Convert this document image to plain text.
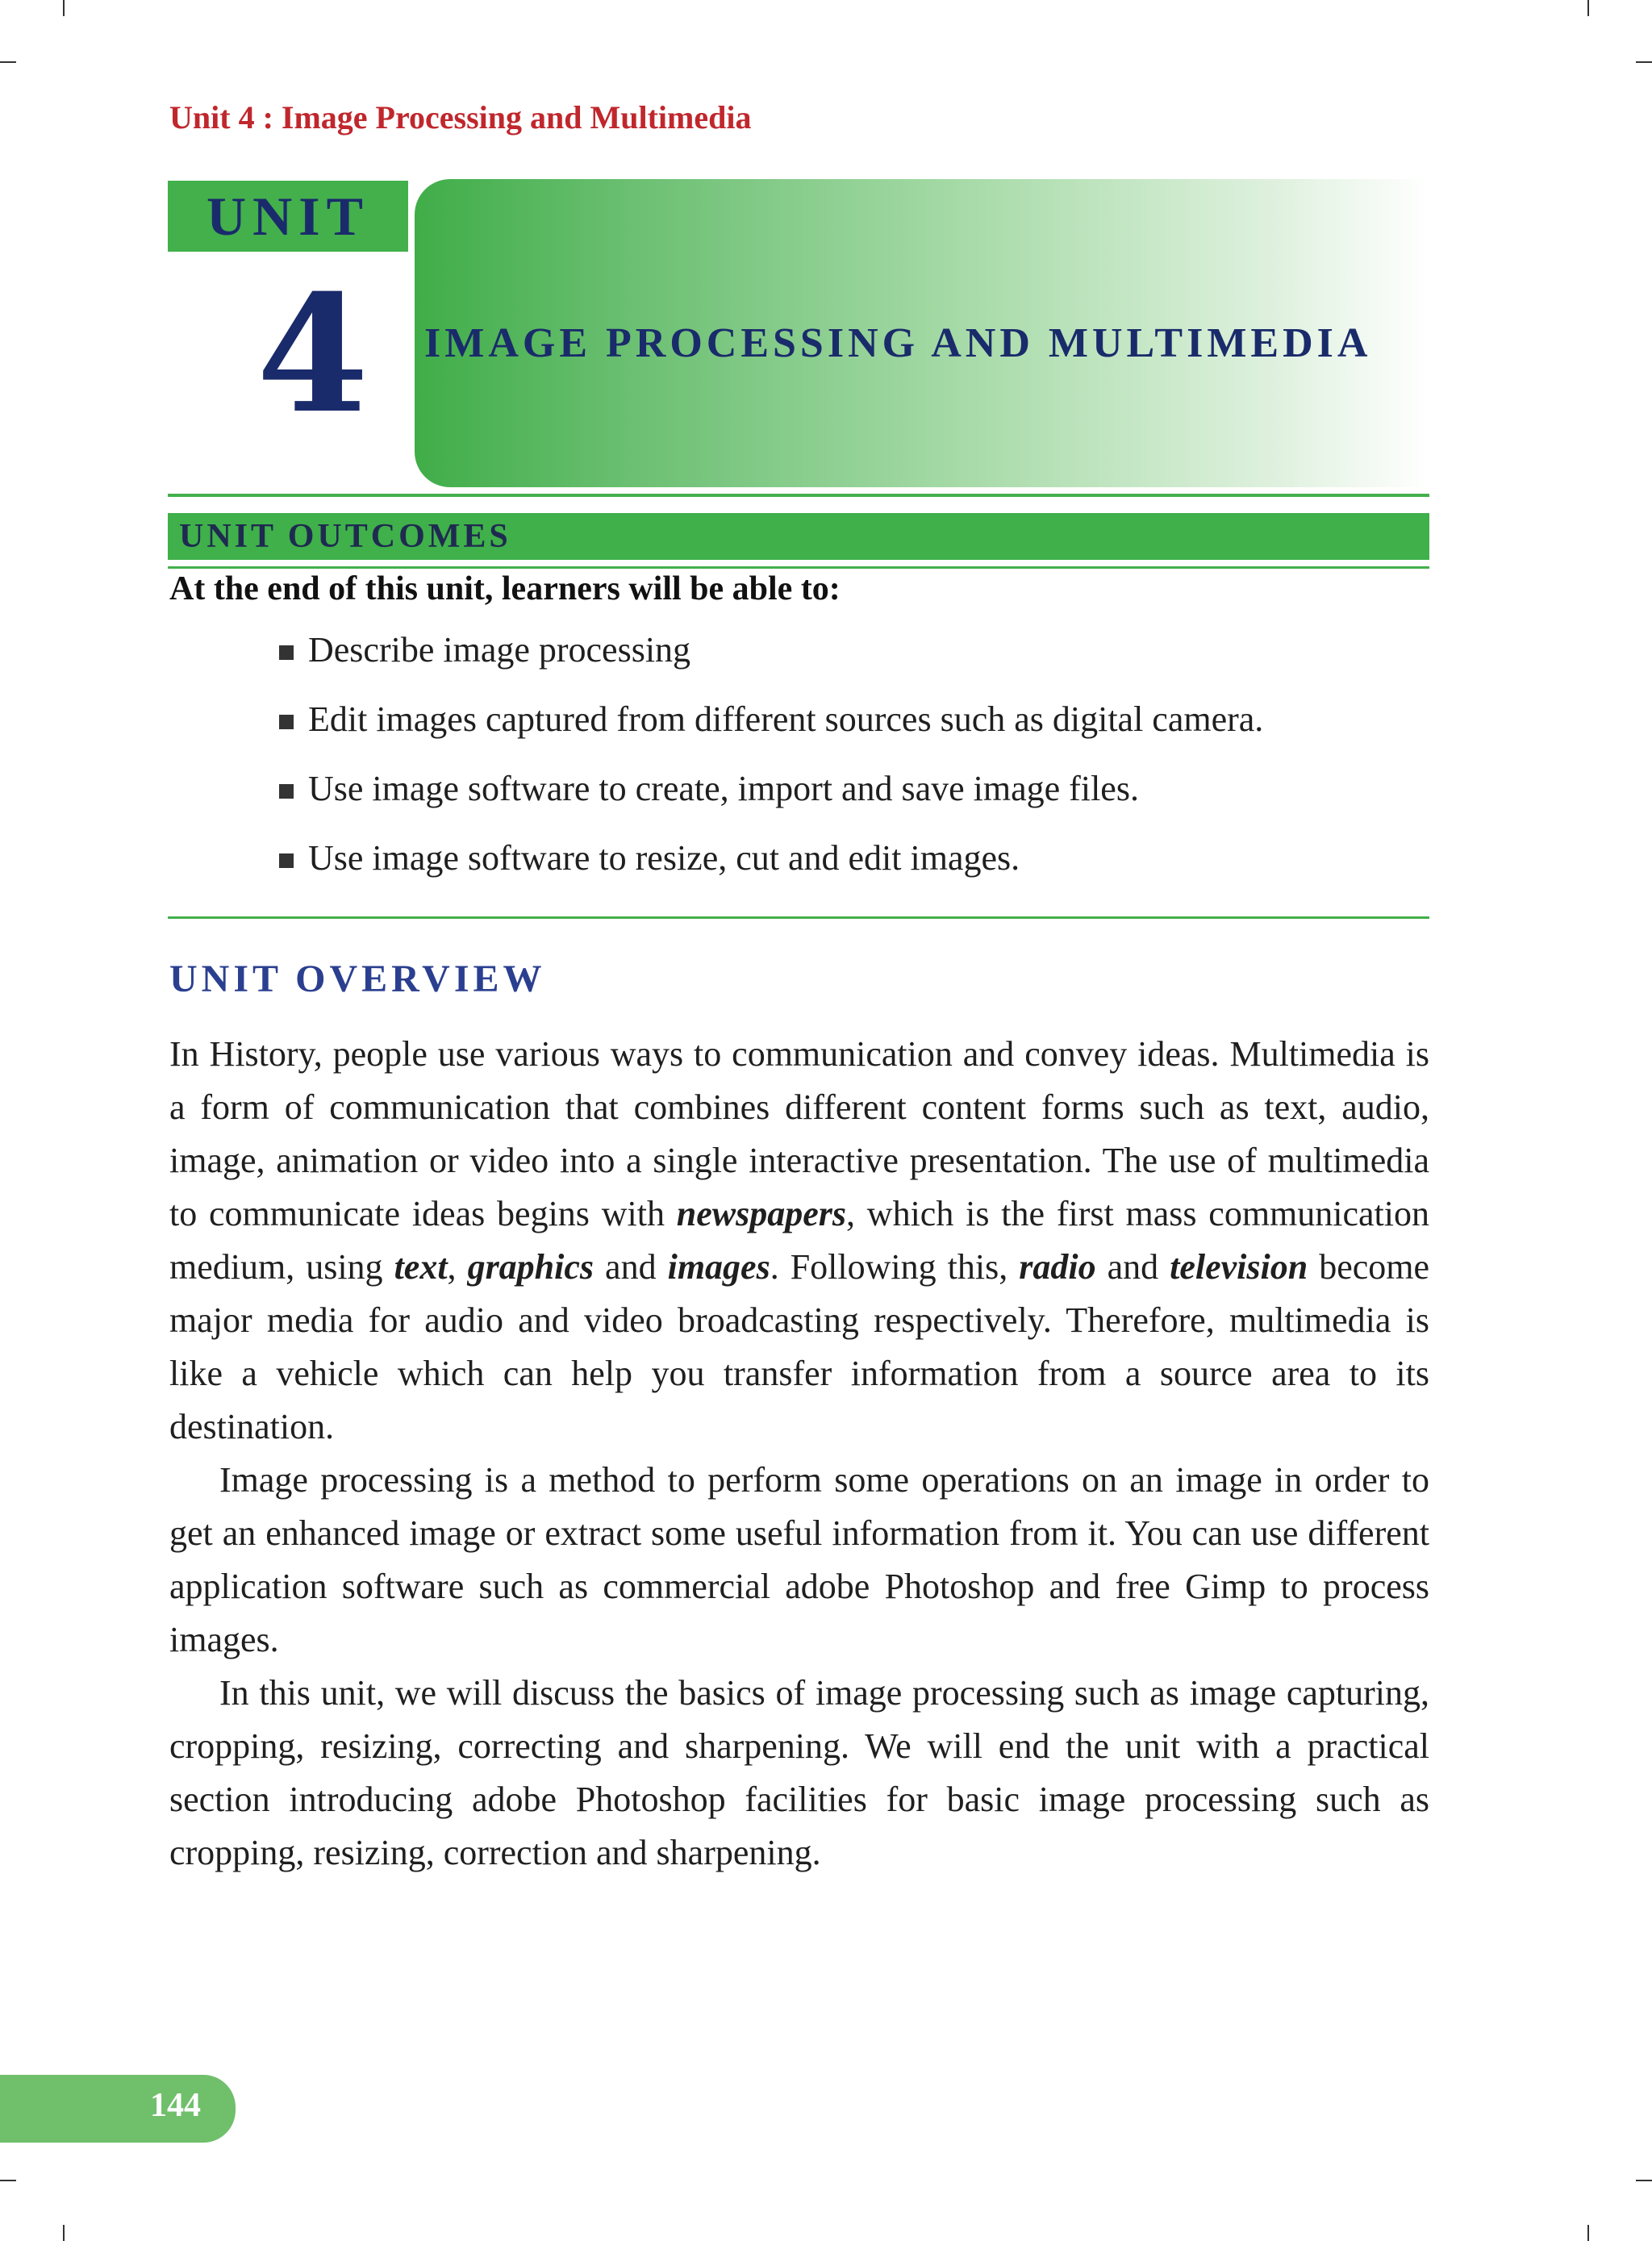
Unit 4 : Image Processing and Multimedia
UNIT
4 IMAGE PROCESSING AND MULTIMEDIA
UNIT OUTCOMES
At the end of this unit, learners will be able to:
Describe image processing
Edit images captured from different sources such as digital camera.
Use image software to create, import and save image files.
Use image software to resize, cut and edit images.
UNIT OVERVIEW

In History, people use various ways to communication and convey ideas. Multimedia is a form of communication that combines different content forms such as text, audio, image, animation or video into a single interactive presentation. The use of multimedia to communicate ideas begins with newspapers, which is the first mass communication medium, using text, graphics and images. Following this, radio and television become major media for audio and video broadcasting respectively. Therefore, multimedia is like a vehicle which can help you transfer information from a source area to its destination.

Image processing is a method to perform some operations on an image in order to get an enhanced image or extract some useful information from it. You can use different application software such as commercial adobe Photoshop and free Gimp to process images.

In this unit, we will discuss the basics of image processing such as image capturing, cropping, resizing, correcting and sharpening. We will end the unit with a practical section introducing adobe Photoshop facilities for basic image processing such as cropping, resizing, correction and sharpening.

144
